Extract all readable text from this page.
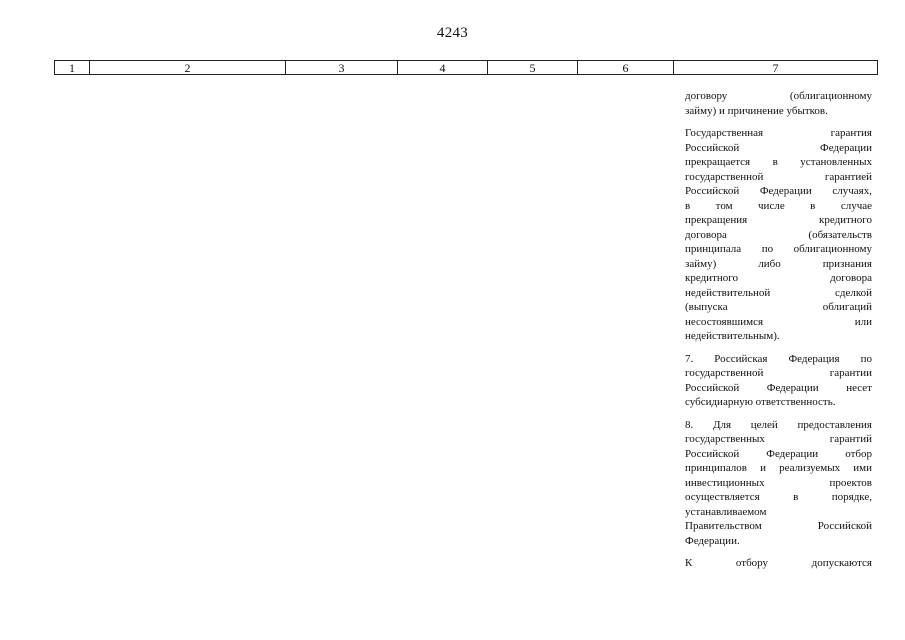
4243
1	2	3	4	5	6	7
договору (облигационному
займу) и причинение убытков.
Государственная гарантия
Российской Федерации
прекращается в установленных
государственной гарантией
Российской Федерации случаях,
в том числе в случае
прекращения кредитного
договора (обязательств
принципала по облигационному
займу) либо признания
кредитного договора
недействительной сделкой
(выпуска облигаций
несостоявшимся или
недействительным).
7. Российская Федерация по
государственной гарантии
Российской Федерации несет
субсидиарную ответственность.
8. Для целей предоставления
государственных гарантий
Российской Федерации отбор
принципалов и реализуемых ими
инвестиционных проектов
осуществляется в порядке,
устанавливаемом
Правительством Российской
Федерации.
К отбору допускаются
